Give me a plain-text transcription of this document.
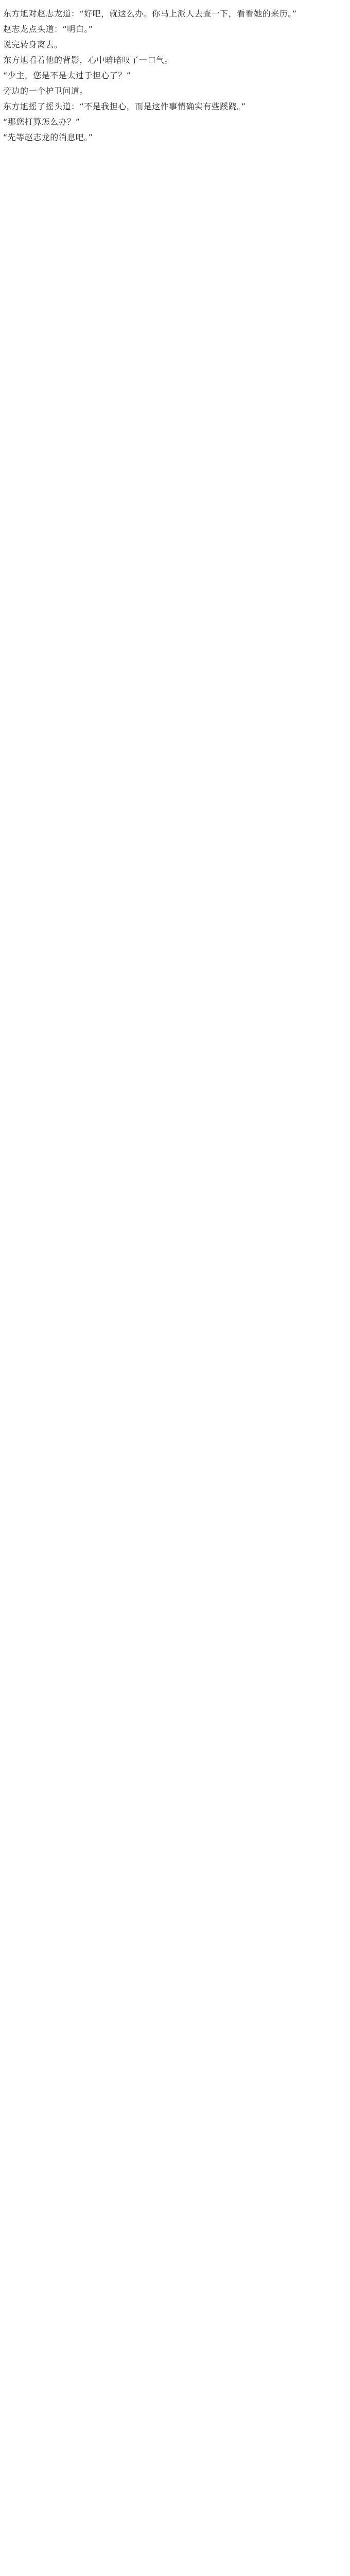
东方旭对赵志龙道：“好吧，就这么办。你马上派人去查一下，看看她的来历。”
赵志龙点头道：“明白。”
说完转身离去。
东方旭看着他的背影，心中暗暗叹了一口气。
“少主，您是不是太过于担心了？”
旁边的一个护卫问道。
东方旭摇了摇头道：“不是我担心，而是这件事情确实有些蹊跷。”
“那您打算怎么办？”
“先等赵志龙的消息吧。”
